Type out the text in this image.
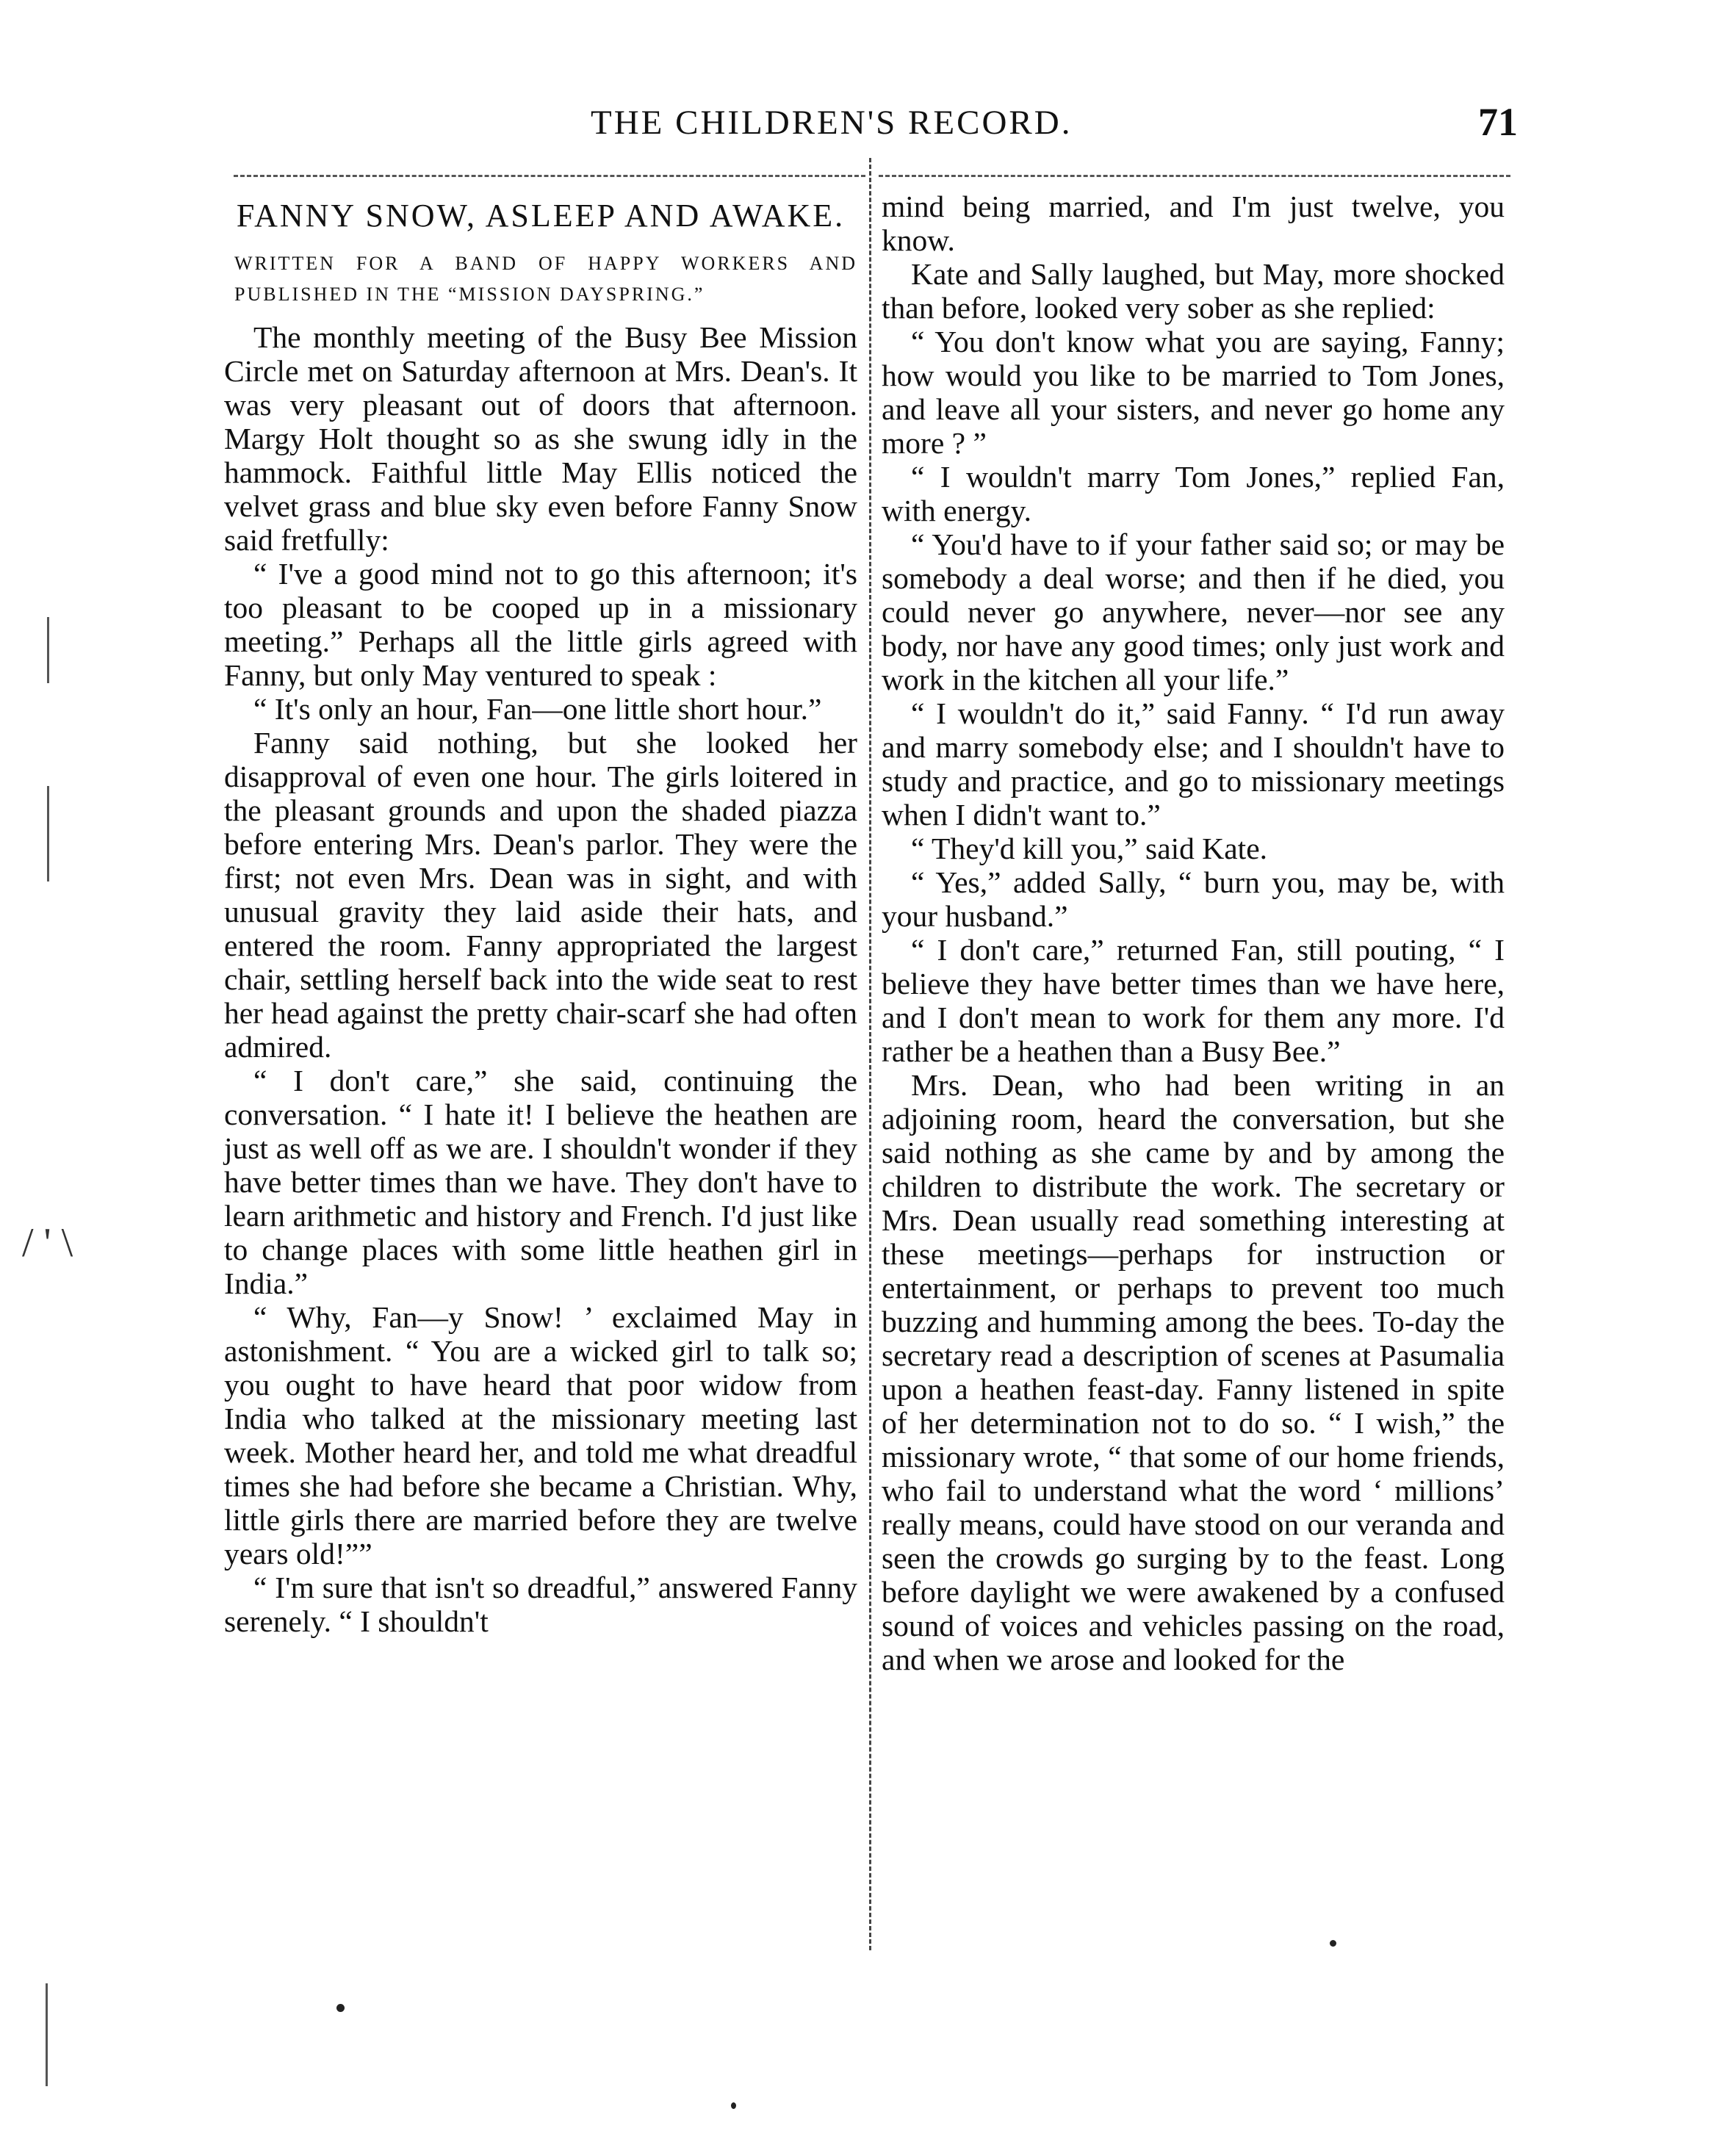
THE CHILDREN'S RECORD.	71
FANNY SNOW, ASLEEP AND AWAKE.
WRITTEN FOR A BAND OF HAPPY WORKERS AND PUBLISHED IN THE “MISSION DAYSPRING.”

The monthly meeting of the Busy Bee Mission Circle met on Saturday afternoon at Mrs. Dean's. It was very pleasant out of doors that afternoon. Margy Holt thought so as she swung idly in the hammock. Faithful little May Ellis noticed the velvet grass and blue sky even before Fanny Snow said fretfully:

“ I've a good mind not to go this afternoon; it's too pleasant to be cooped up in a missionary meeting.” Perhaps all the little girls agreed with Fanny, but only May ventured to speak :

“ It's only an hour, Fan—one little short hour.”

Fanny said nothing, but she looked her disapproval of even one hour. The girls loitered in the pleasant grounds and upon the shaded piazza before entering Mrs. Dean's parlor. They were the first; not even Mrs. Dean was in sight, and with unusual gravity they laid aside their hats, and entered the room. Fanny appropriated the largest chair, settling herself back into the wide seat to rest her head against the pretty chair-scarf she had often admired.

“ I don't care,” she said, continuing the conversation. “ I hate it! I believe the heathen are just as well off as we are. I shouldn't wonder if they have better times than we have. They don't have to learn arithmetic and history and French. I'd just like to change places with some little heathen girl in India.”

“ Why, Fan—y Snow! ’ exclaimed May in astonishment. “ You are a wicked girl to talk so; you ought to have heard that poor widow from India who talked at the missionary meeting last week. Mother heard her, and told me what dreadful times she had before she became a Christian. Why, little girls there are married before they are twelve years old!””

“ I'm sure that isn't so dreadful,” answered Fanny serenely. “ I shouldn't

mind being married, and I'm just twelve, you know.

Kate and Sally laughed, but May, more shocked than before, looked very sober as she replied:

“ You don't know what you are saying, Fanny; how would you like to be married to Tom Jones, and leave all your sisters, and never go home any more ? ”

“ I wouldn't marry Tom Jones,” replied Fan, with energy.

“ You'd have to if your father said so; or may be somebody a deal worse; and then if he died, you could never go anywhere, never—nor see any body, nor have any good times; only just work and work in the kitchen all your life.”

“ I wouldn't do it,” said Fanny. “ I'd run away and marry somebody else; and I shouldn't have to study and practice, and go to missionary meetings when I didn't want to.”

“ They'd kill you,” said Kate.

“ Yes,” added Sally, “ burn you, may be, with your husband.”

“ I don't care,” returned Fan, still pouting, “ I believe they have better times than we have here, and I don't mean to work for them any more. I'd rather be a heathen than a Busy Bee.”

Mrs. Dean, who had been writing in an adjoining room, heard the conversation, but she said nothing as she came by and by among the children to distribute the work. The secretary or Mrs. Dean usually read something interesting at these meetings—perhaps for instruction or entertainment, or perhaps to prevent too much buzzing and humming among the bees. To-day the secretary read a description of scenes at Pasumalia upon a heathen feast-day. Fanny listened in spite of her determination not to do so. “ I wish,” the missionary wrote, “ that some of our home friends, who fail to understand what the word ‘ millions’ really means, could have stood on our veranda and seen the crowds go surging by to the feast. Long before daylight we were awakened by a confused sound of voices and vehicles passing on the road, and when we arose and looked for the

/ ' \
